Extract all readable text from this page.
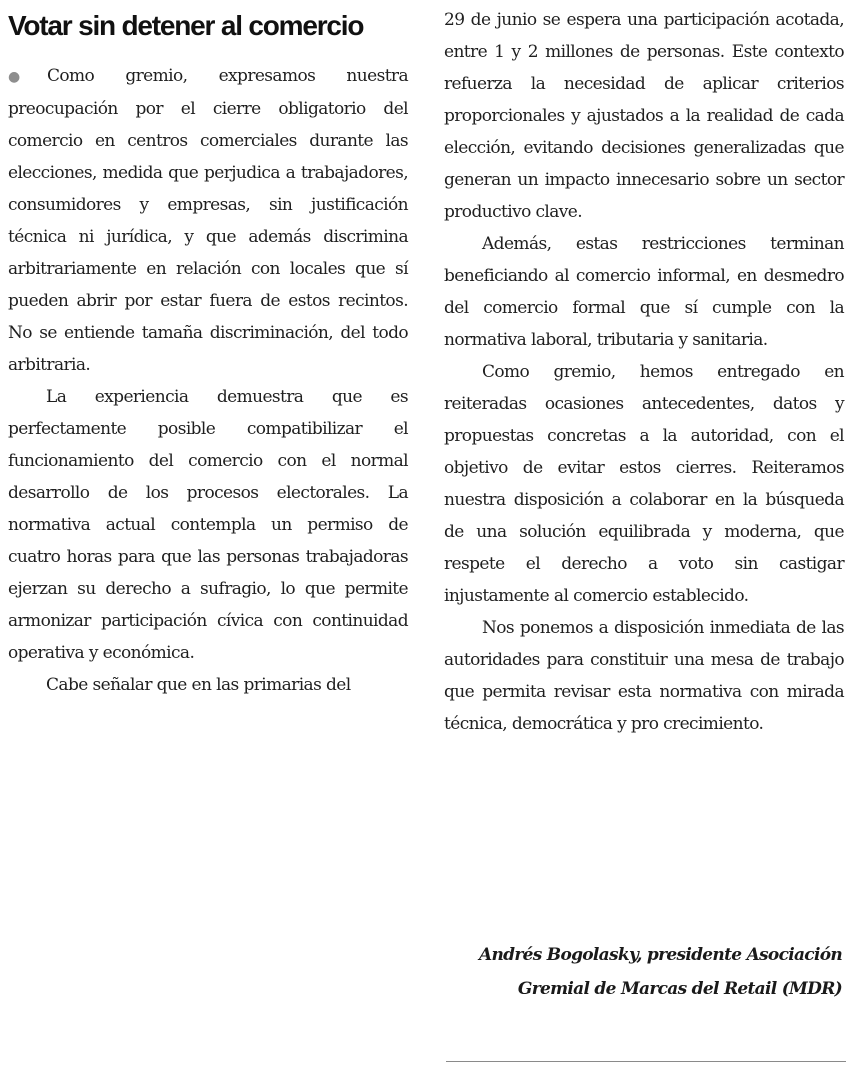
Votar sin detener al comercio

●Como gremio, expresamos nuestra preocupación por el cierre obligatorio del comercio en centros comerciales durante las elecciones, medida que perjudica a trabajadores, consumidores y empresas, sin justificación técnica ni jurídica, y que además discrimina arbitrariamente en relación con locales que sí pueden abrir por estar fuera de estos recintos. No se entiende tamaña discriminación, del todo arbitraria.

La experiencia demuestra que es perfectamente posible compatibilizar el funcionamiento del comercio con el normal desarrollo de los procesos electorales. La normativa actual contempla un permiso de cuatro horas para que las personas trabajadoras ejerzan su derecho a sufragio, lo que permite armonizar participación cívica con continuidad operativa y económica.

Cabe señalar que en las primarias del

29 de junio se espera una participación acotada, entre 1 y 2 millones de personas. Este contexto refuerza la necesidad de aplicar criterios proporcionales y ajustados a la realidad de cada elección, evitando decisiones generalizadas que generan un impacto innecesario sobre un sector productivo clave.

Además, estas restricciones terminan beneficiando al comercio informal, en desmedro del comercio formal que sí cumple con la normativa laboral, tributaria y sanitaria.

Como gremio, hemos entregado en reiteradas ocasiones antecedentes, datos y propuestas concretas a la autoridad, con el objetivo de evitar estos cierres. Reiteramos nuestra disposición a colaborar en la búsqueda de una solución equilibrada y moderna, que respete el derecho a voto sin castigar injustamente al comercio establecido.

Nos ponemos a disposición inmediata de las autoridades para constituir una mesa de trabajo que permita revisar esta normativa con mirada técnica, democrática y pro crecimiento.

Andrés Bogolasky, presidente Asociación Gremial de Marcas del Retail (MDR)
